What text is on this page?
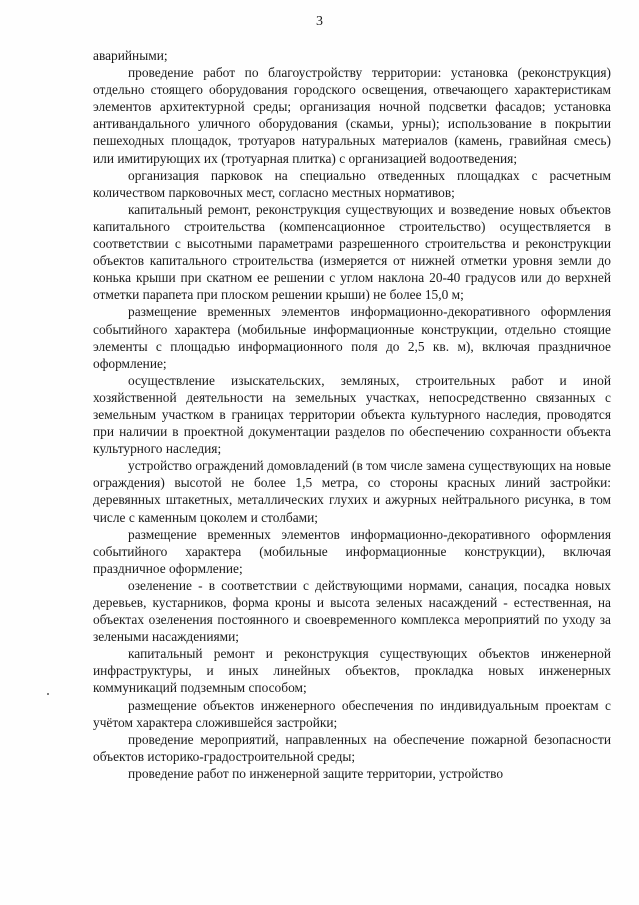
3

аварийными;

проведение работ по благоустройству территории: установка (реконструкция) отдельно стоящего оборудования городского освещения, отвечающего характеристикам элементов архитектурной среды; организация ночной подсветки фасадов; установка антивандального уличного оборудования (скамьи, урны); использование в покрытии пешеходных площадок, тротуаров натуральных материалов (камень, гравийная смесь) или имитирующих их (тротуарная плитка) с организацией водоотведения;

организация парковок на специально отведенных площадках с расчетным количеством парковочных мест, согласно местных нормативов;

капитальный ремонт, реконструкция существующих и возведение новых объектов капитального строительства (компенсационное строительство) осуществляется в соответствии с высотными параметрами разрешенного строительства и реконструкции объектов капитального строительства (измеряется от нижней отметки уровня земли до конька крыши при скатном ее решении с углом наклона 20-40 градусов или до верхней отметки парапета при плоском решении крыши) не более 15,0 м;

размещение временных элементов информационно-декоративного оформления событийного характера (мобильные информационные конструкции, отдельно стоящие элементы с площадью информационного поля до 2,5 кв. м), включая праздничное оформление;

осуществление изыскательских, земляных, строительных работ и иной хозяйственной деятельности на земельных участках, непосредственно связанных с земельным участком в границах территории объекта культурного наследия, проводятся при наличии в проектной документации разделов по обеспечению сохранности объекта культурного наследия;

устройство ограждений домовладений (в том числе замена существующих на новые ограждения) высотой не более 1,5 метра, со стороны красных линий застройки: деревянных штакетных, металлических глухих и ажурных нейтрального рисунка, в том числе с каменным цоколем и столбами;

размещение временных элементов информационно-декоративного оформления событийного характера (мобильные информационные конструкции), включая праздничное оформление;

озеленение - в соответствии с действующими нормами, санация, посадка новых деревьев, кустарников, форма кроны и высота зеленых насаждений - естественная, на объектах озеленения постоянного и своевременного комплекса мероприятий по уходу за зелеными насаждениями;

капитальный ремонт и реконструкция существующих объектов инженерной инфраструктуры, и иных линейных объектов, прокладка новых инженерных коммуникаций подземным способом;

размещение объектов инженерного обеспечения по индивидуальным проектам с учётом характера сложившейся застройки;

проведение мероприятий, направленных на обеспечение пожарной безопасности объектов историко-градостроительной среды;

проведение работ по инженерной защите территории, устройство
